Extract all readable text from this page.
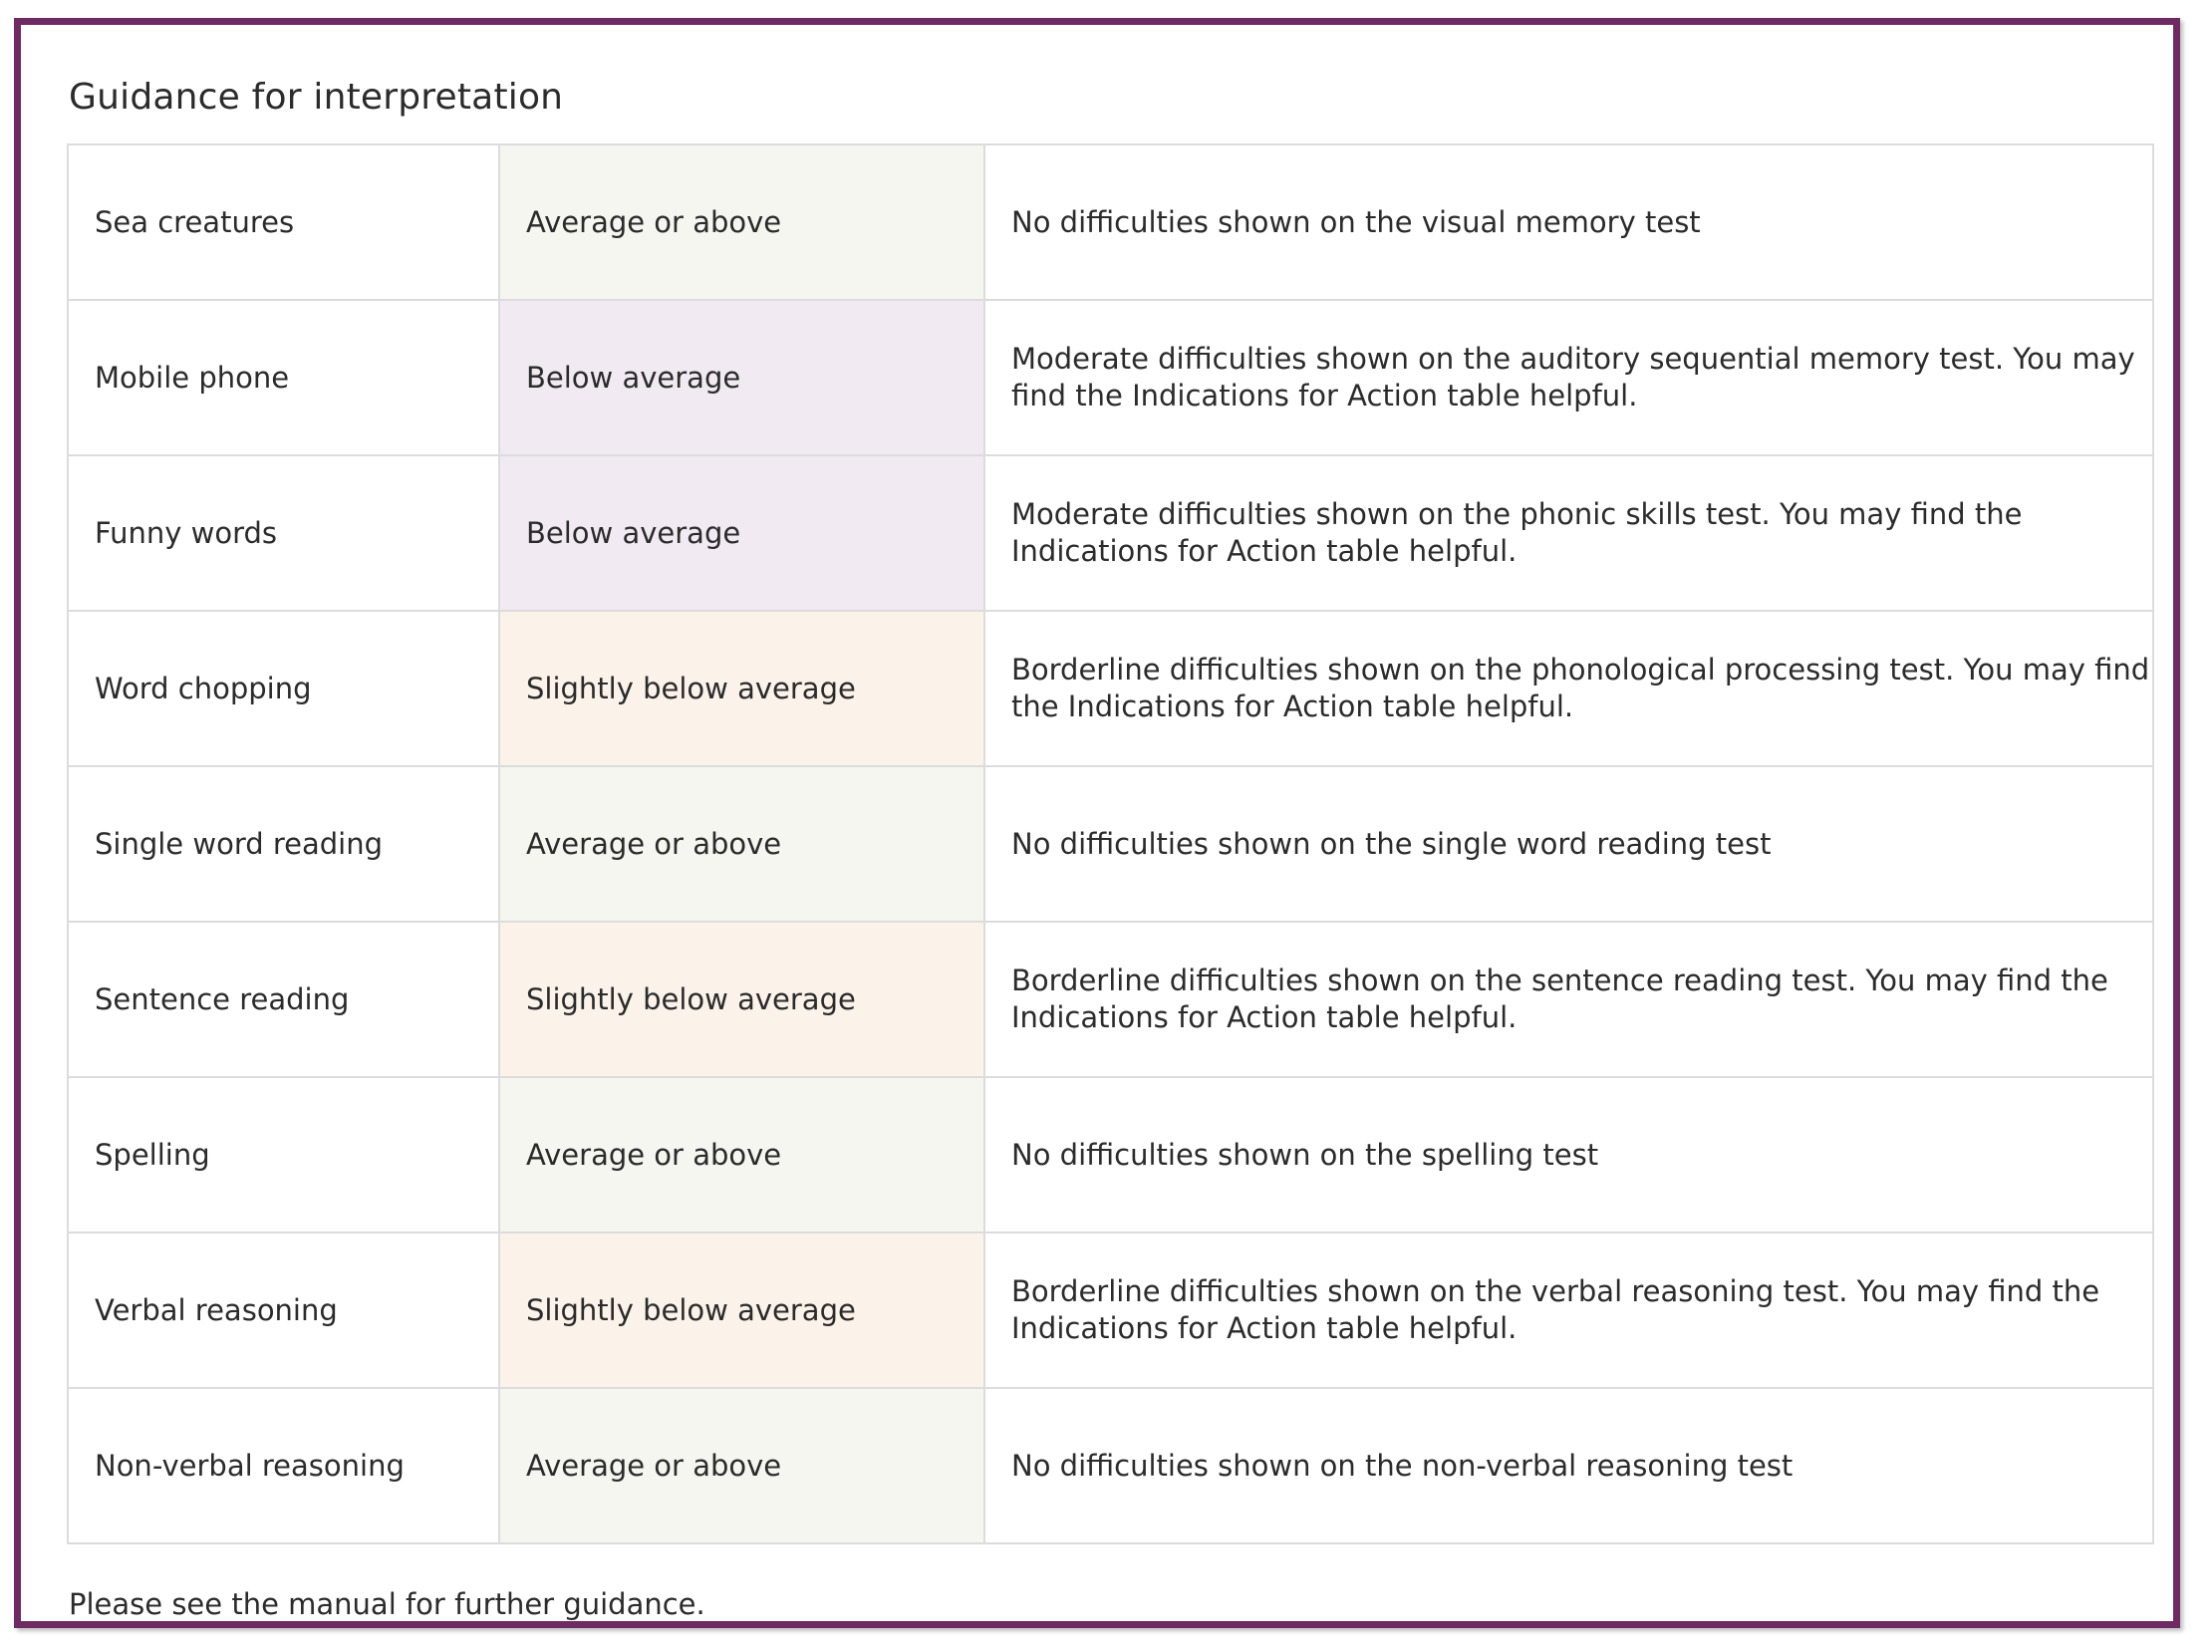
Guidance for interpretation
Sea creatures	Average or above	No difficulties shown on the visual memory test
Mobile phone	Below average	Moderate difficulties shown on the auditory sequential memory test. You may find the Indications for Action table helpful.
Funny words	Below average	Moderate difficulties shown on the phonic skills test. You may find the Indications for Action table helpful.
Word chopping	Slightly below average	Borderline difficulties shown on the phonological processing test. You may find the Indications for Action table helpful.
Single word reading	Average or above	No difficulties shown on the single word reading test
Sentence reading	Slightly below average	Borderline difficulties shown on the sentence reading test. You may find the Indications for Action table helpful.
Spelling	Average or above	No difficulties shown on the spelling test
Verbal reasoning	Slightly below average	Borderline difficulties shown on the verbal reasoning test. You may find the Indications for Action table helpful.
Non-verbal reasoning	Average or above	No difficulties shown on the non-verbal reasoning test

Please see the manual for further guidance.
